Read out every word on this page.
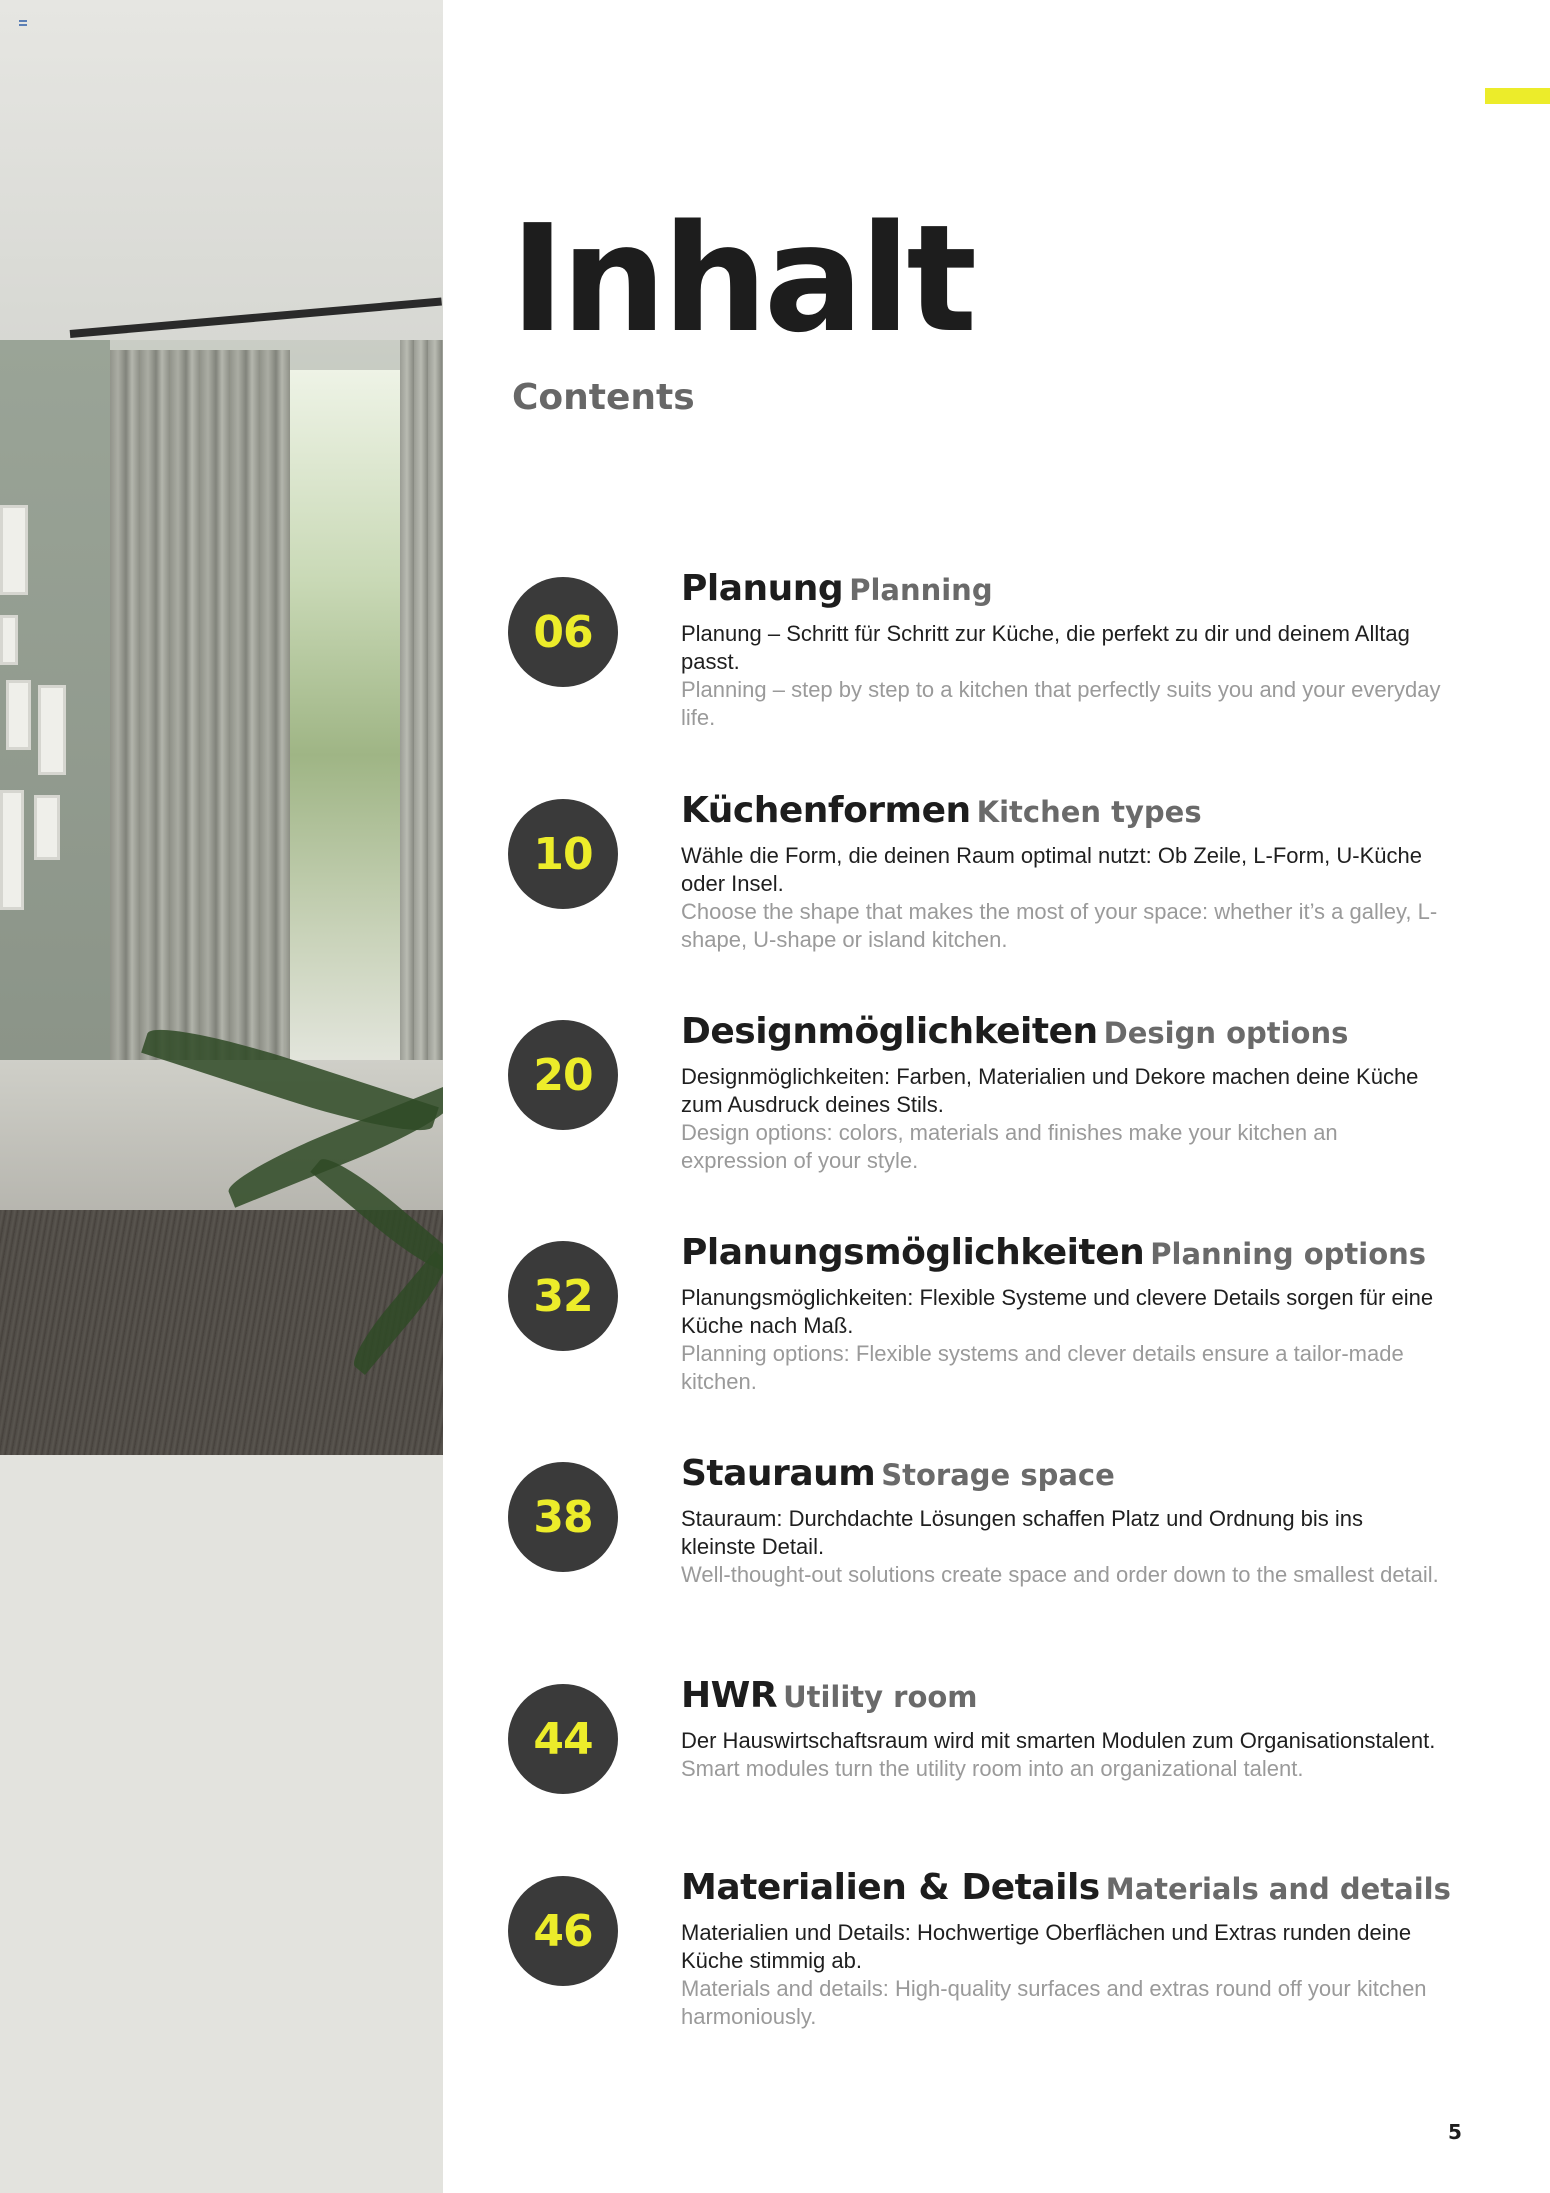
Inhalt
Contents
06
Planung Planning

Planung – Schritt für Schritt zur Küche, die perfekt zu dir und deinem Alltag passt.

Planning – step by step to a kitchen that perfectly suits you and your everyday life.

10
Küchenformen Kitchen types

Wähle die Form, die deinen Raum optimal nutzt: Ob Zeile, L-Form, U-Küche oder Insel.

Choose the shape that makes the most of your space: whether it’s a galley, L-shape, U-shape or island kitchen.

20
Designmöglichkeiten Design options

Designmöglichkeiten: Farben, Materialien und Dekore machen deine Küche zum Ausdruck deines Stils.

Design options: colors, materials and finishes make your kitchen an expression of your style.

32
Planungsmöglichkeiten Planning options

Planungsmöglichkeiten: Flexible Systeme und clevere Details sorgen für eine Küche nach Maß.

Planning options: Flexible systems and clever details ensure a tailor-made kitchen.

38
Stauraum Storage space

Stauraum: Durchdachte Lösungen schaffen Platz und Ordnung bis ins kleinste Detail.

Well-thought-out solutions create space and order down to the smallest detail.

44
HWR Utility room

Der Hauswirtschaftsraum wird mit smarten Modulen zum Organisationstalent.

Smart modules turn the utility room into an organizational talent.

46
Materialien & Details Materials and details

Materialien und Details: Hochwertige Oberflächen und Extras runden deine Küche stimmig ab.

Materials and details: High-quality surfaces and extras round off your kitchen harmoniously.

5
